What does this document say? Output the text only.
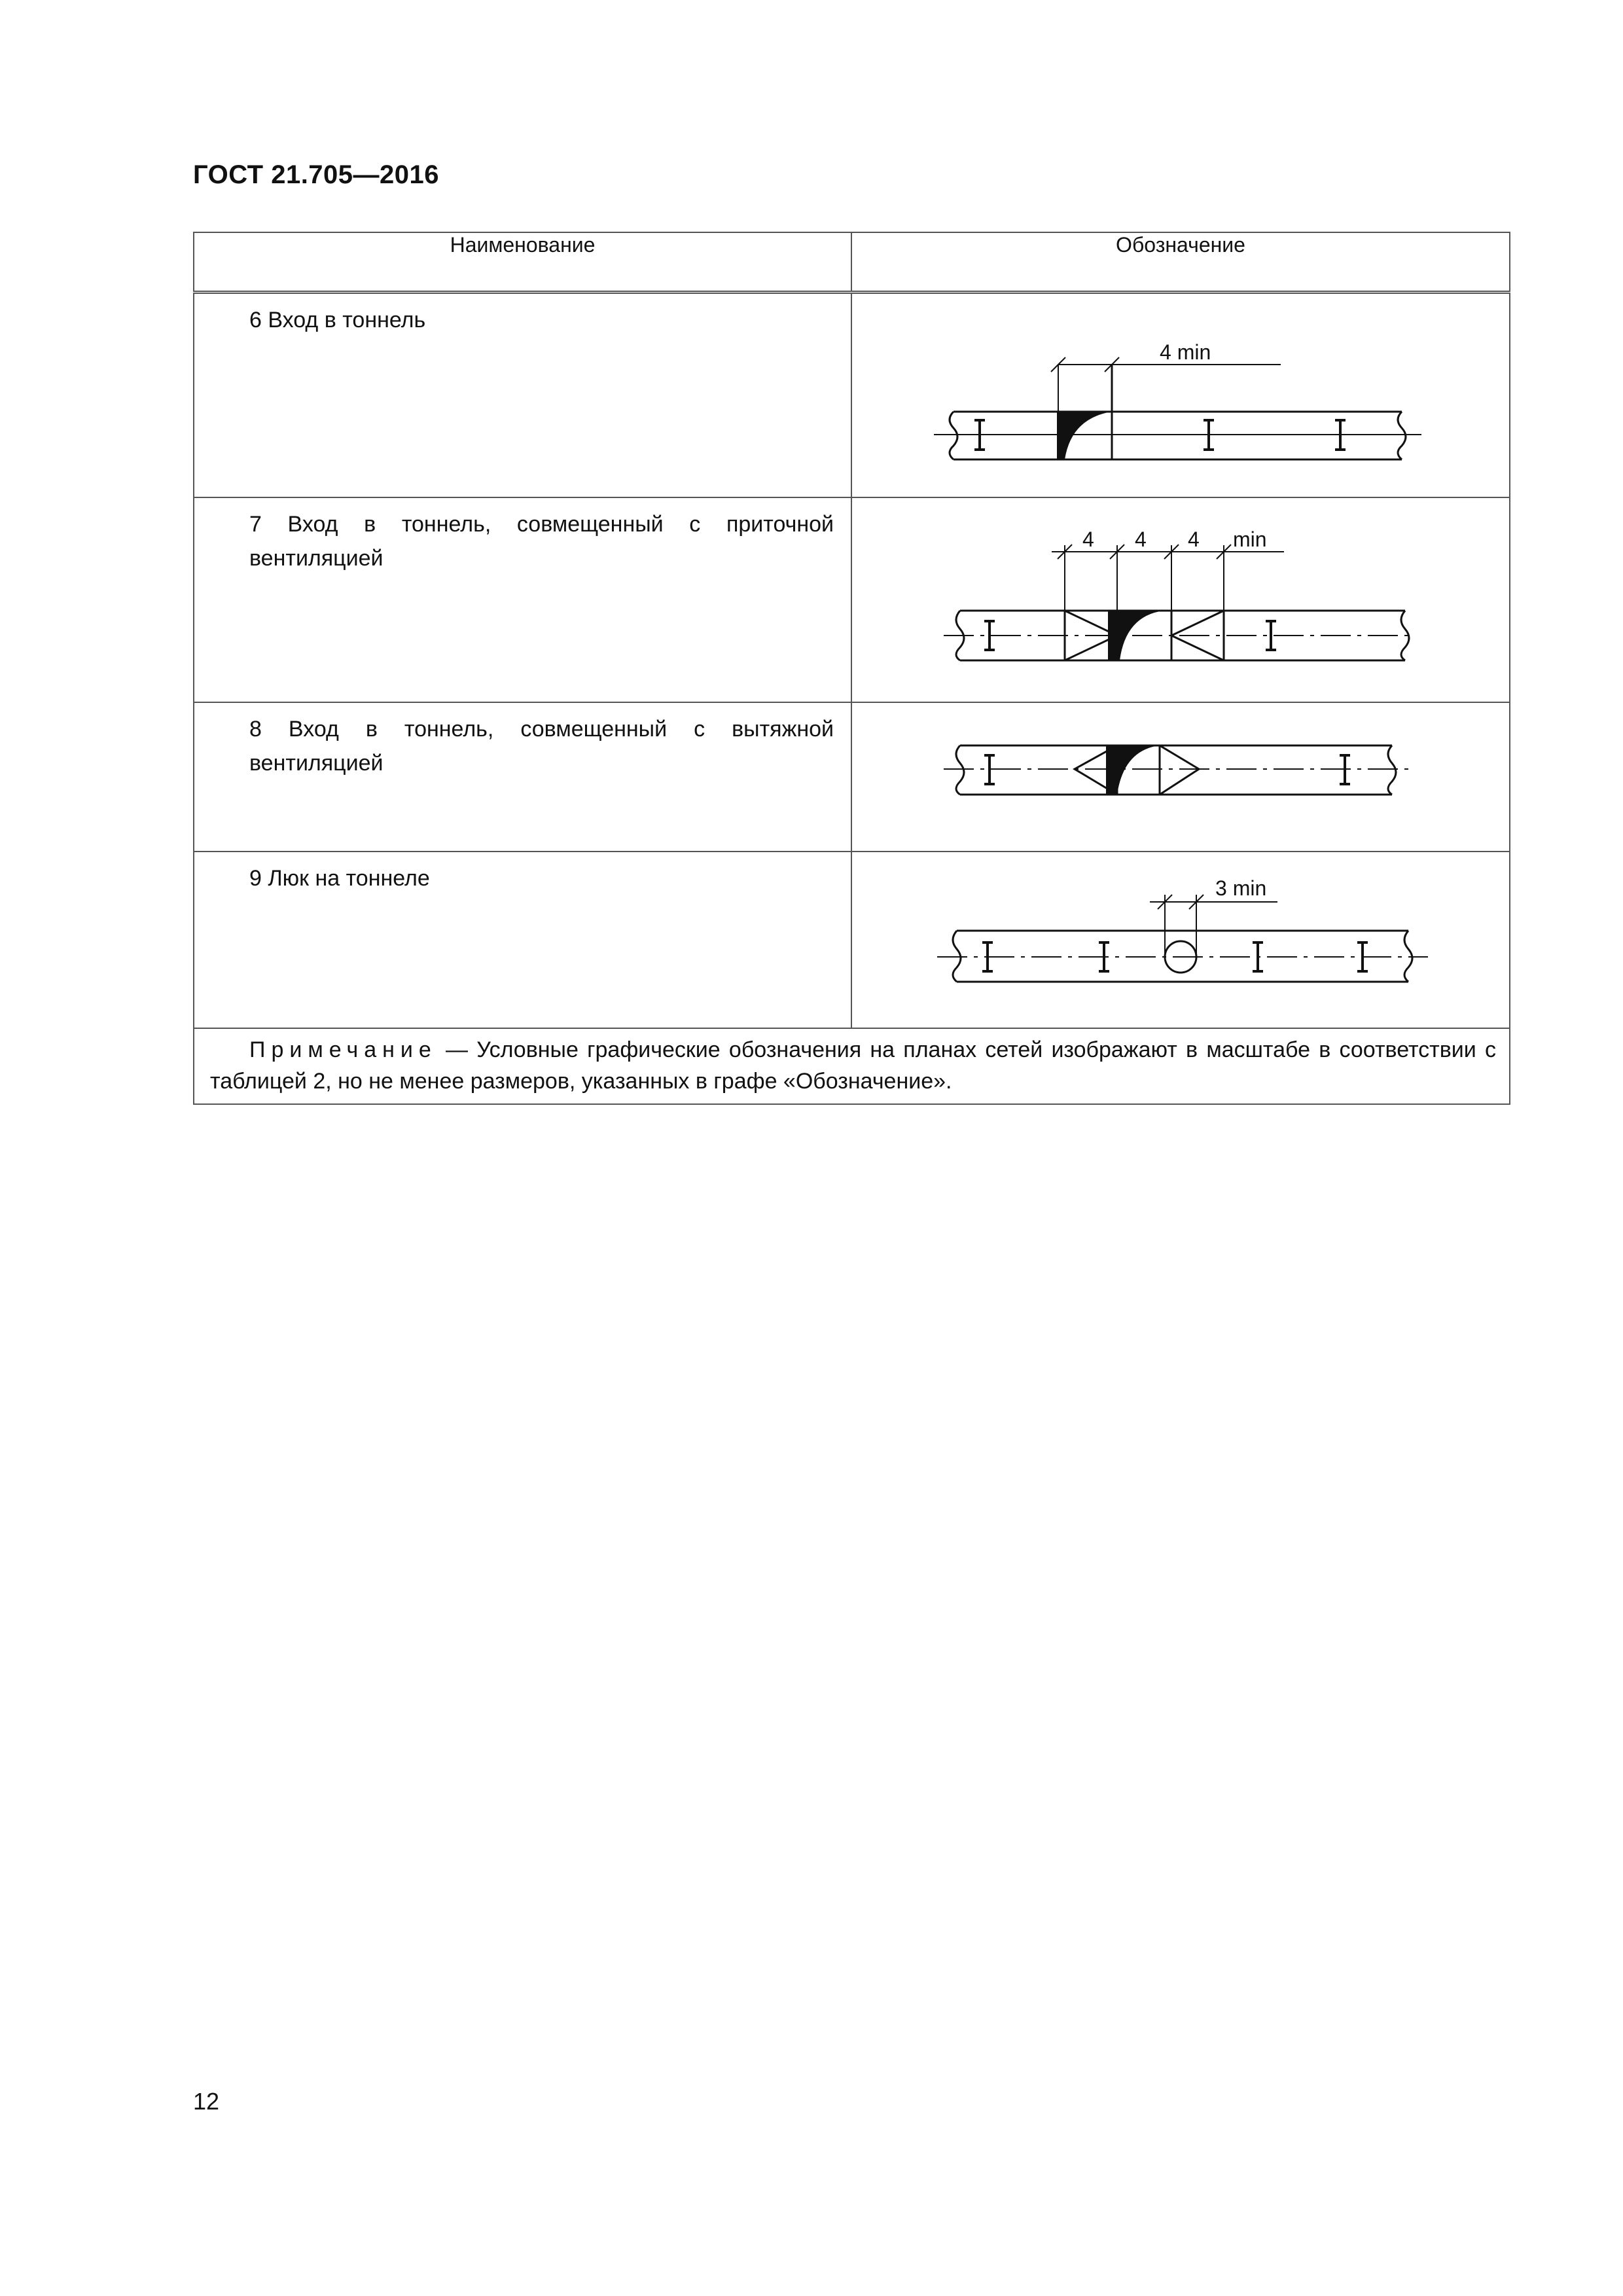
ГОСТ 21.705—2016
Наименование	Обозначение

6 Вход в тоннель	4 min

7 Вход в тоннель, совмещенный с приточной вентиляцией	4 4 4 min

8 Вход в тоннель, совмещенный с вытяжной вентиляцией

9 Люк на тоннеле	3 min

Примечание — Условные графические обозначения на планах сетей изображают в масштабе в соответствии с таблицей 2, но не менее размеров, указанных в графе «Обозначение».	
12
